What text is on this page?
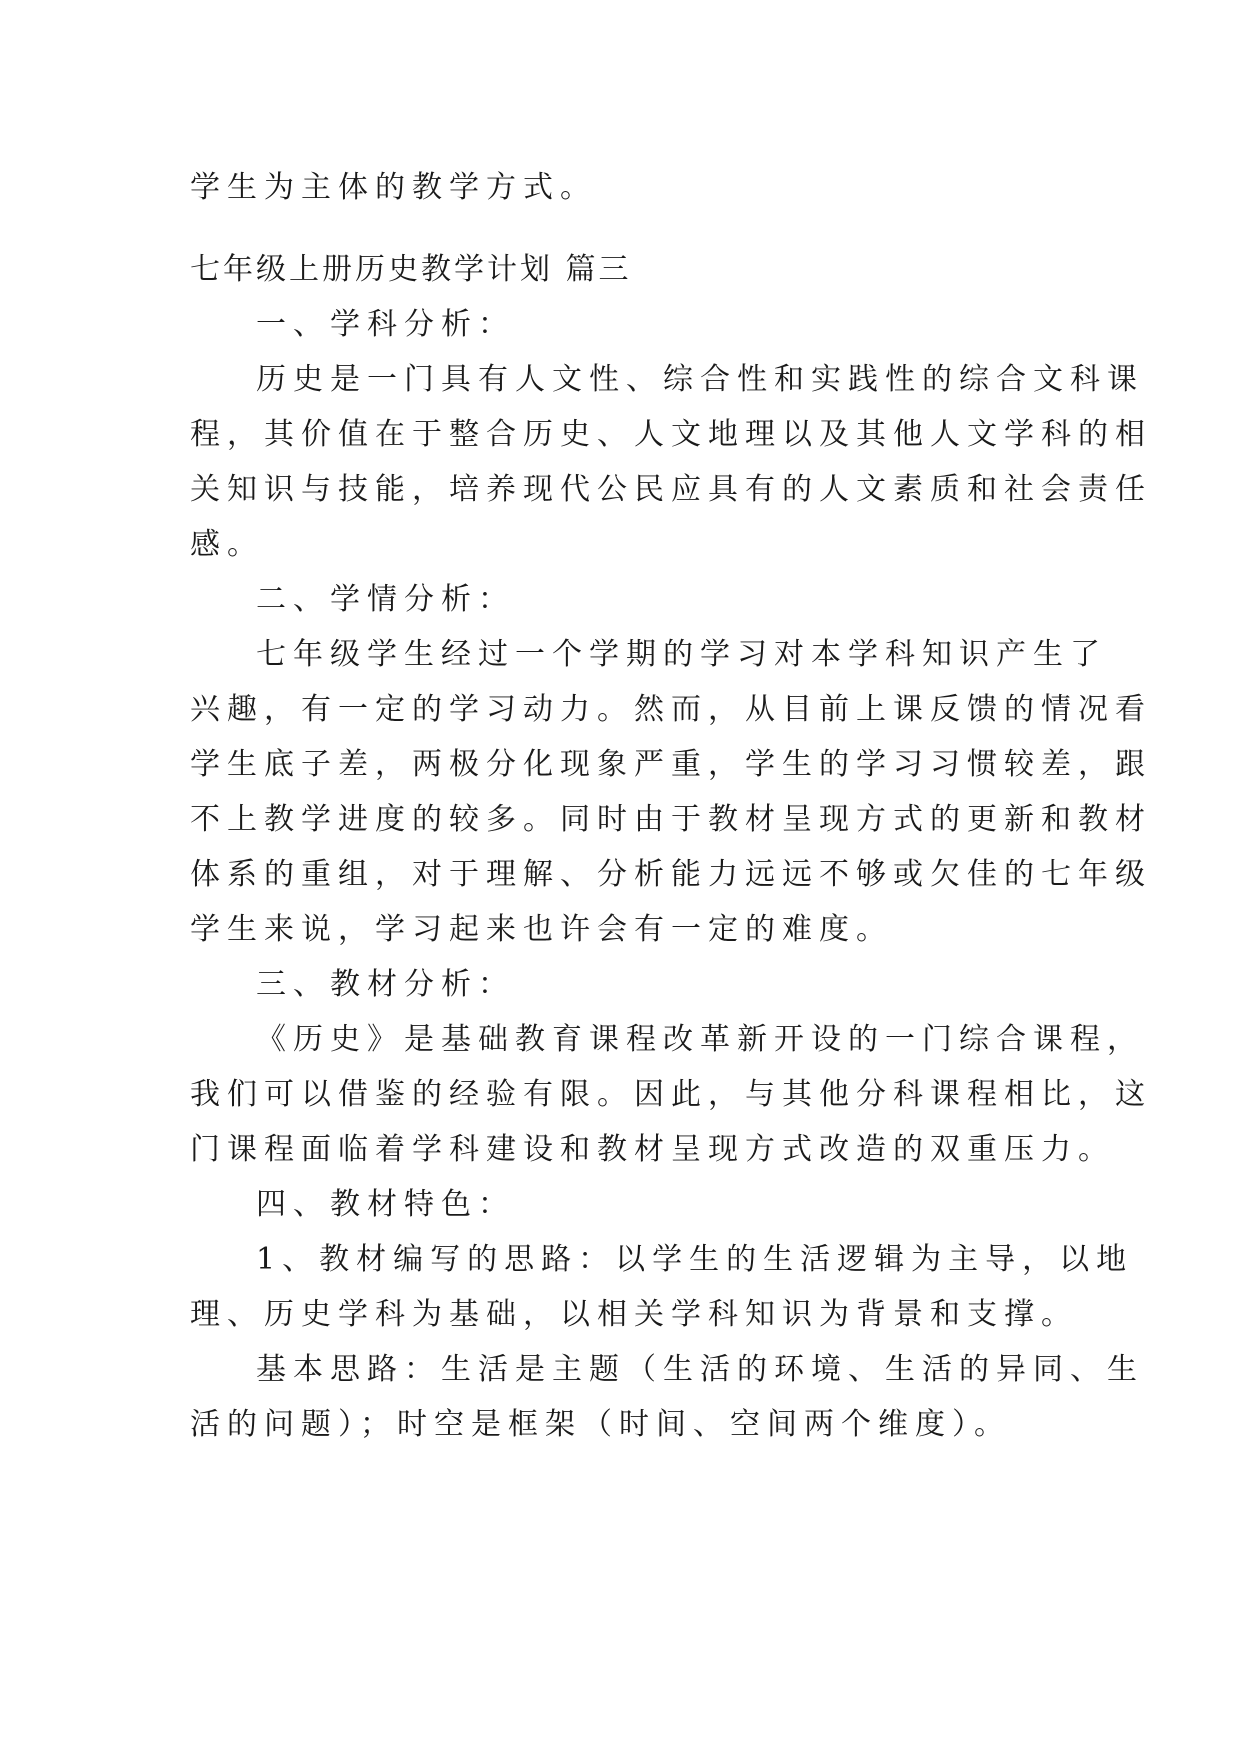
学生为主体的教学方式。
七年级上册历史教学计划 篇三
一、学科分析：
历史是一门具有人文性、综合性和实践性的综合文科课
程，其价值在于整合历史、人文地理以及其他人文学科的相
关知识与技能，培养现代公民应具有的人文素质和社会责任
感。
二、学情分析：
七年级学生经过一个学期的学习对本学科知识产生了
兴趣，有一定的学习动力。然而，从目前上课反馈的情况看
学生底子差，两极分化现象严重，学生的学习习惯较差，跟
不上教学进度的较多。同时由于教材呈现方式的更新和教材
体系的重组，对于理解、分析能力远远不够或欠佳的七年级
学生来说，学习起来也许会有一定的难度。
三、教材分析：
《历史》是基础教育课程改革新开设的一门综合课程，
我们可以借鉴的经验有限。因此，与其他分科课程相比，这
门课程面临着学科建设和教材呈现方式改造的双重压力。
四、教材特色：
1、教材编写的思路：以学生的生活逻辑为主导，以地
理、历史学科为基础，以相关学科知识为背景和支撑。
基本思路：生活是主题（生活的环境、生活的异同、生
活的问题）；时空是框架（时间、空间两个维度）。
